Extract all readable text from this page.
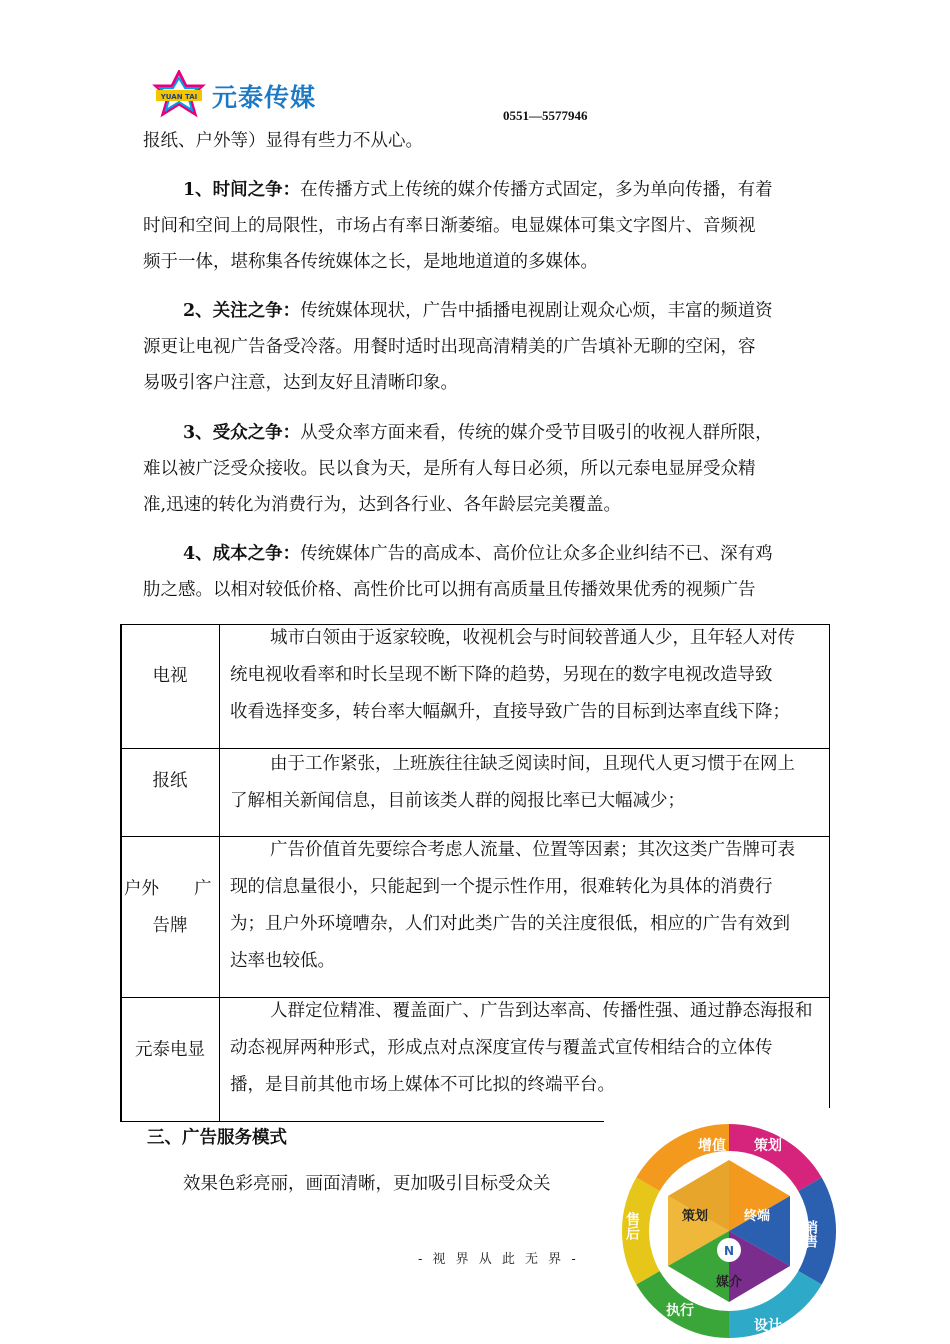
YUAN TAI 元泰传媒
0551—5577946
报纸、户外等）显得有些力不从心。
1、时间之争：在传播方式上传统的媒介传播方式固定，多为单向传播，有着
时间和空间上的局限性，市场占有率日渐萎缩。电显媒体可集文字图片、音频视
频于一体，堪称集各传统媒体之长，是地地道道的多媒体。
2、关注之争：传统媒体现状，广告中插播电视剧让观众心烦，丰富的频道资
源更让电视广告备受冷落。用餐时适时出现高清精美的广告填补无聊的空闲，容
易吸引客户注意，达到友好且清晰印象。
3、受众之争：从受众率方面来看，传统的媒介受节目吸引的收视人群所限，
难以被广泛受众接收。民以食为天，是所有人每日必须，所以元泰电显屏受众精
准,迅速的转化为消费行为，达到各行业、各年龄层完美覆盖。
4、成本之争：传统媒体广告的高成本、高价位让众多企业纠结不已、深有鸡
肋之感。以相对较低价格、高性价比可以拥有高质量且传播效果优秀的视频广告
电视
城市白领由于返家较晚，收视机会与时间较普通人少，且年轻人对传
统电视收看率和时长呈现不断下降的趋势，另现在的数字电视改造导致
收看选择变多，转台率大幅飙升，直接导致广告的目标到达率直线下降；
报纸
由于工作紧张，上班族往往缺乏阅读时间，且现代人更习惯于在网上
了解相关新闻信息，目前该类人群的阅报比率已大幅减少；
户外　　广
告牌
广告价值首先要综合考虑人流量、位置等因素；其次这类广告牌可表
现的信息量很小，只能起到一个提示性作用，很难转化为具体的消费行
为；且户外环境嘈杂，人们对此类广告的关注度很低，相应的广告有效到
达率也较低。
元泰电显
人群定位精准、覆盖面广、广告到达率高、传播性强、通过静态海报和
动态视屏两种形式，形成点对点深度宣传与覆盖式宣传相结合的立体传
播，是目前其他市场上媒体不可比拟的终端平台。
三、广告服务模式
效果色彩亮丽，画面清晰，更加吸引目标受众关
- 视 界 从 此 无 界 -
N
增值 策划
销售
设计
执行
售后	策划	终端
媒介
